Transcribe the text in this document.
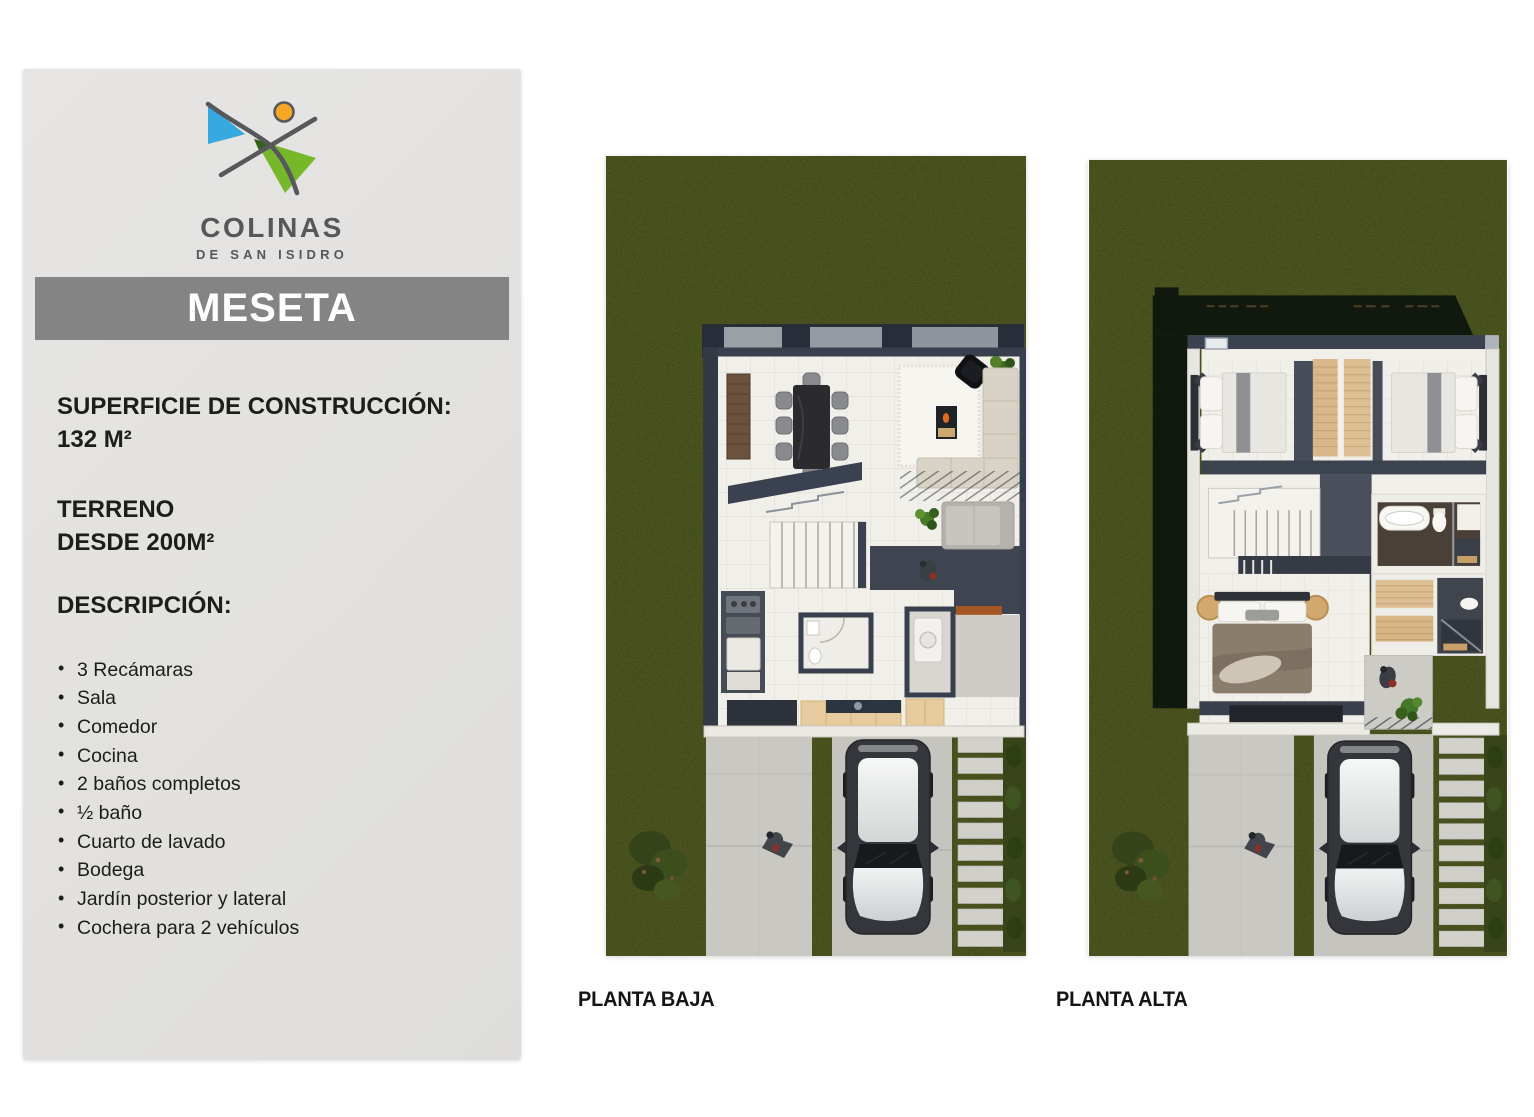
COLINAS
DE SAN ISIDRO
MESETA
SUPERFICIE DE CONSTRUCCIÓN:
132 M²
TERRENO
DESDE 200M²
DESCRIPCIÓN:
• 3 Recámaras
• Sala
• Comedor
• Cocina
• 2 baños completos
• ½ baño
• Cuarto de lavado
• Bodega
• Jardín posterior y lateral
• Cochera para 2 vehículos
PLANTA BAJA	PLANTA ALTA
